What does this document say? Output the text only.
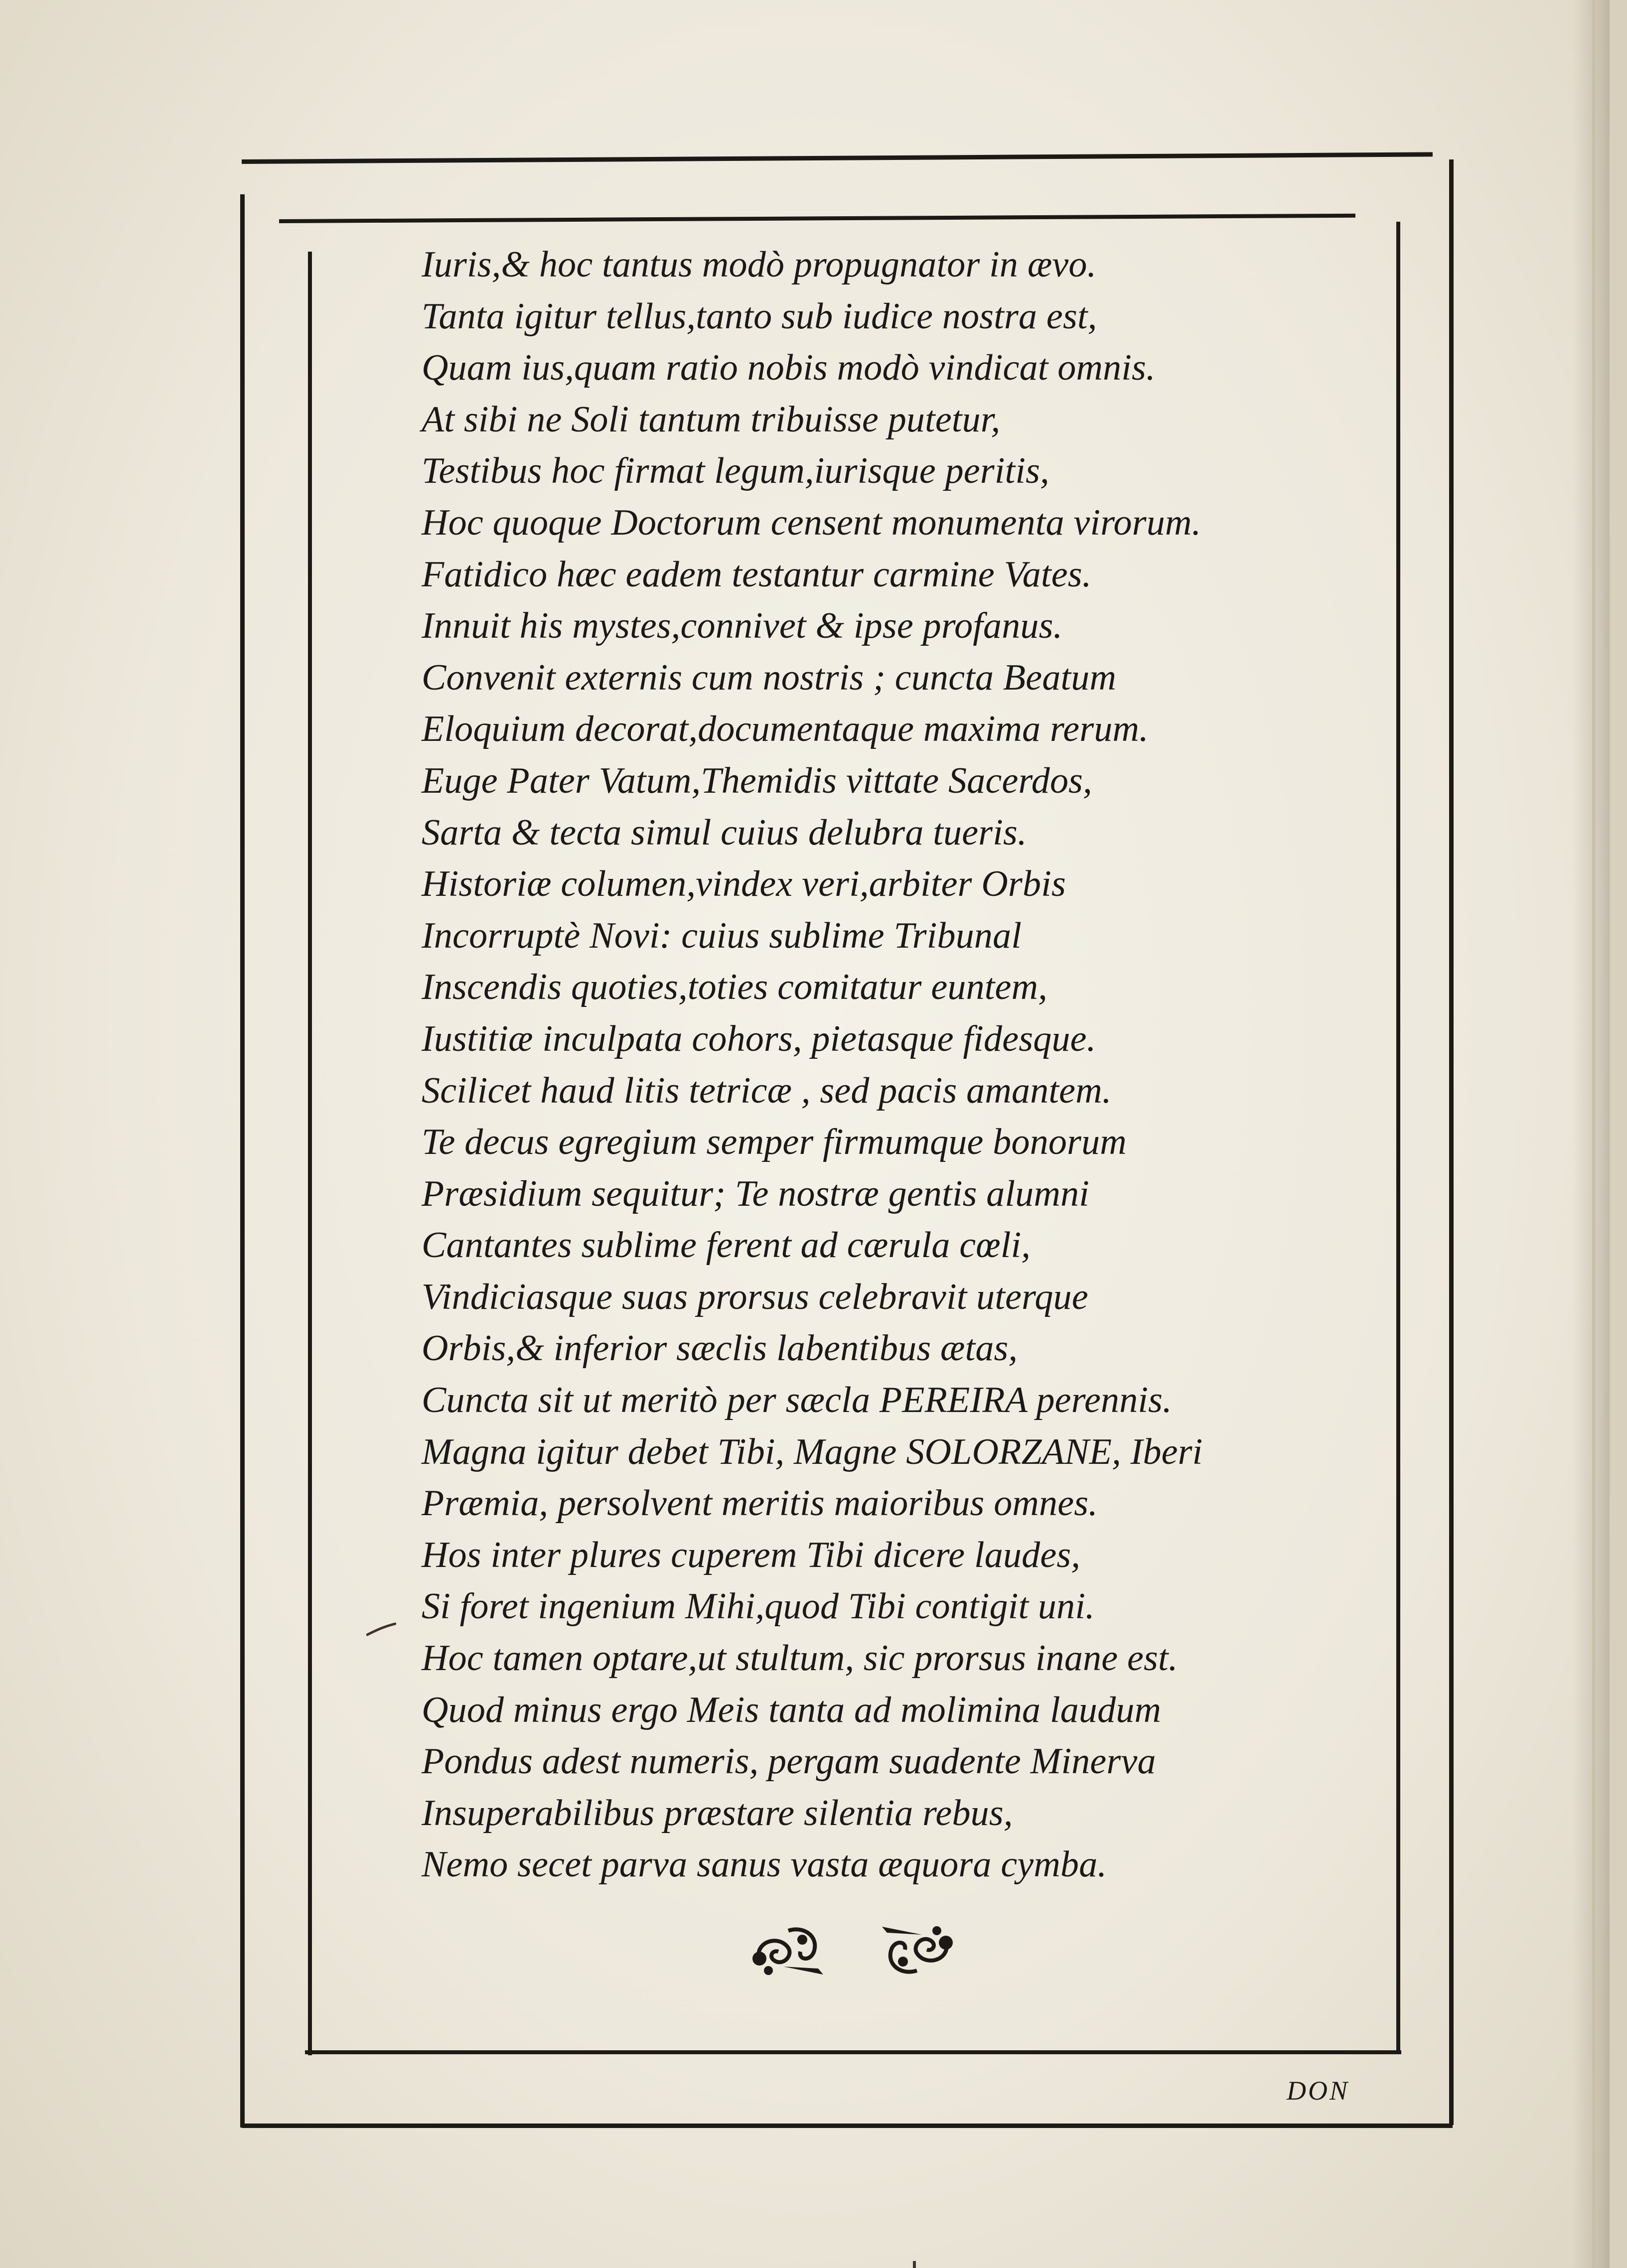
Iuris,& hoc tantus modò propugnator in ævo.
Tanta igitur tellus,tanto sub iudice nostra est,
Quam ius,quam ratio nobis modò vindicat omnis.
At sibi ne Soli tantum tribuisse putetur,
Testibus hoc firmat legum,iurisque peritis,
Hoc quoque Doctorum censent monumenta virorum.
Fatidico hæc eadem testantur carmine Vates.
Innuit his mystes,connivet & ipse profanus.
Convenit externis cum nostris ; cuncta Beatum
Eloquium decorat,documentaque maxima rerum.
Euge Pater Vatum,Themidis vittate Sacerdos,
Sarta & tecta simul cuius delubra tueris.
Historiæ columen,vindex veri,arbiter Orbis
Incorruptè Novi: cuius sublime Tribunal
Inscendis quoties,toties comitatur euntem,
Iustitiæ inculpata cohors, pietasque fidesque.
Scilicet haud litis tetricæ , sed pacis amantem.
Te decus egregium semper firmumque bonorum
Præsidium sequitur; Te nostræ gentis alumni
Cantantes sublime ferent ad cærula cœli,
Vindiciasque suas prorsus celebravit uterque
Orbis,& inferior sæclis labentibus ætas,
Cuncta sit ut meritò per sæcla PEREIRA perennis.
Magna igitur debet Tibi, Magne SOLORZANE, Iberi
Præmia, persolvent meritis maioribus omnes.
Hos inter plures cuperem Tibi dicere laudes,
Si foret ingenium Mihi,quod Tibi contigit uni.
Hoc tamen optare,ut stultum, sic prorsus inane est.
Quod minus ergo Meis tanta ad molimina laudum
Pondus adest numeris, pergam suadente Minerva
Insuperabilibus præstare silentia rebus,
Nemo secet parva sanus vasta æquora cymba.
DON
